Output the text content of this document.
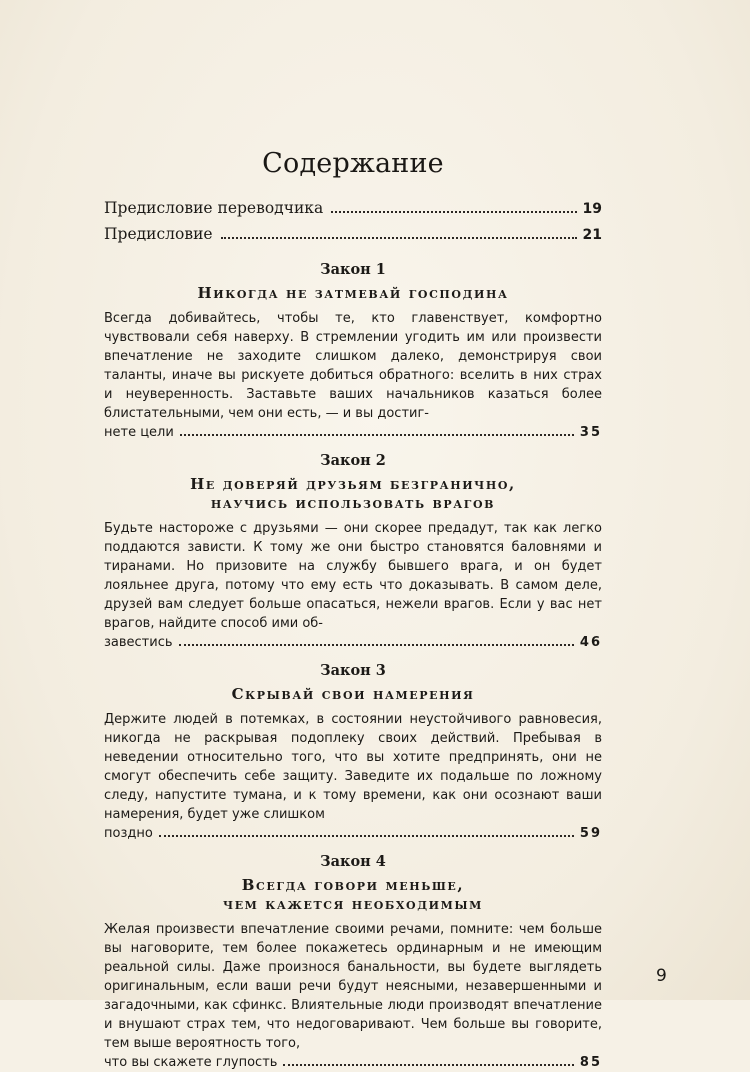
Содержание
Предисловие переводчика	19
Предисловие	21
Закон 1
Никогда не затмевай господина

Всегда добивайтесь, чтобы те, кто главенствует, комфортно чувствовали себя наверху. В стремлении угодить им или произвести впечатление не заходите слишком далеко, демонстрируя свои таланты, иначе вы рискуете добиться обратного: вселить в них страх и неуверенность. Заставьте ваших начальников казаться более блистательными, чем они есть, — и вы достиг-

нете цели	35
Закон 2
Не доверяй друзьям безгранично,
научись использовать врагов

Будьте настороже с друзьями — они скорее предадут, так как легко поддаются зависти. К тому же они быстро становятся баловнями и тиранами. Но призовите на службу бывшего врага, и он будет лояльнее друга, потому что ему есть что доказывать. В самом деле, друзей вам следует больше опасаться, нежели врагов. Если у вас нет врагов, найдите способ ими об-

завестись	46
Закон 3
Скрывай свои намерения

Держите людей в потемках, в состоянии неустойчивого равновесия, никогда не раскрывая подоплеку своих действий. Пребывая в неведении относительно того, что вы хотите предпринять, они не смогут обеспечить себе защиту. Заведите их подальше по ложному следу, напустите тумана, и к тому времени, как они осознают ваши намерения, будет уже слишком

поздно	59
Закон 4
Всегда говори меньше,
чем кажется необходимым

Желая произвести впечатление своими речами, помните: чем больше вы наговорите, тем более покажетесь ординарным и не имеющим реальной силы. Даже произнося банальности, вы будете выглядеть оригинальным, если ваши речи будут неясными, незавершенными и загадочными, как сфинкс. Влиятельные люди производят впечатление и внушают страх тем, что недоговаривают. Чем больше вы говорите, тем выше вероятность того,

что вы скажете глупость	85
9
